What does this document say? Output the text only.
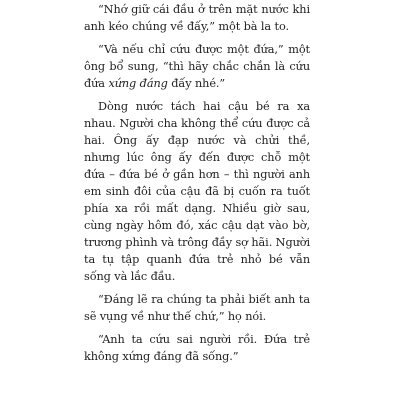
“Nhớ giữ cái đầu ở trên mặt nước khi anh kéo chúng về đấy,” một bà la to.

“Và nếu chỉ cứu được một đứa,” một ông bổ sung, “thì hãy chắc chắn là cứu đứa xứng đáng đấy nhé.”

Dòng nước tách hai cậu bé ra xa nhau. Người cha không thể cứu được cả hai. Ông ấy đạp nước và chửi thề, nhưng lúc ông ấy đến được chỗ một đứa – đứa bé ở gần hơn – thì người anh em sinh đôi của cậu đã bị cuốn ra tuốt phía xa rồi mất dạng. Nhiều giờ sau, cùng ngày hôm đó, xác cậu dạt vào bờ, trương phình và trông đầy sợ hãi. Người ta tụ tập quanh đứa trẻ nhỏ bé vẫn sống và lắc đầu.

“Đáng lẽ ra chúng ta phải biết anh ta sẽ vụng về như thế chứ,” họ nói.

“Anh ta cứu sai người rồi. Đứa trẻ không xứng đáng đã sống.”
